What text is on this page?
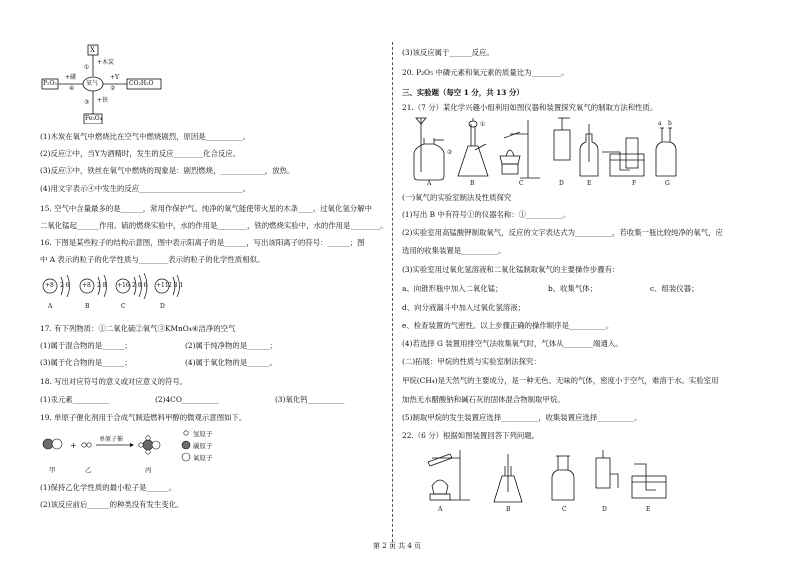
X
+木炭
①
P₂O₅
+磷
④
氧气
+Y
②
CO₂H₂O
③ +铁
Fe₃O₄
(1)木炭在氧气中燃烧比在空气中燃烧剧烈，原因是__________。
(2)反应②中，当Y为酒精时，发生的反应________化合反应。
(3)反应③中，铁丝在氧气中燃烧的现象是：剧烈燃烧，____________，放热。
(4)用文字表示④中发生的反应____________________________。
15. 空气中含量最多的是______，常用作保护气。纯净的氧气能使带火星的木条____。过氧化氢分解中
二氧化锰起______作用。硫的燃烧实验中，水的作用是________，铁的燃烧实验中，水的作用是________。
16. 下图是某些粒子的结构示意图，图中表示阳离子的是______，写出该阳离子的符号：______；图
中 A 表示的粒子的化学性质与________表示的粒子的化学性质相似。
+8 2 6 +8 2 8 +16 2 8 6 +11 2 8 1
A	B	C	D
17. 有下列物质：①二氧化硫②氧气③KMnO₄④洁净的空气
(1)属于混合物的是______；	(2)属于纯净物的是______；
(3)属于化合物的是______；	(4)属于氧化物的是______。
18. 写出对应符号的意义或对应意义的符号。
(1)汞元素__________	(2)4CO__________	(3)氧化钙__________
19. 单原子催化剂用于合成气制造燃料甲醇的微观示意图如下。
+
单原子催
氢原子
碳原子
氧原子
甲	乙	丙
(1)保持乙化学性质的最小粒子是______。
(2)该反应前后______的种类没有发生变化。
(3)该反应属于______反应。
20. P₂O₅ 中磷元素和氧元素的质量比为________。
三、实验题（每空 1 分，共 13 分）
21.（7 分）某化学兴趣小组利用如图仪器和装置探究氧气的制取方法和性质。
①
②
a b
A	B	C	D	E	F	G
(一)氧气的实验室制法及性质探究
(1)写出 B 中有符号①的仪器名称：①__________。
(2)实验室用高锰酸钾制取氧气，反应的文字表达式为__________，若收集一瓶比较纯净的氧气，应
选用的收集装置是__________。
(3)实验室用过氧化氢溶液和二氧化锰制取氧气的主要操作步骤有：
a、向锥形瓶中加入二氧化锰；	b、收集气体；	c、组装仪器；
d、向分液漏斗中加入过氧化氢溶液；
e、检查装置的气密性。以上步骤正确的操作顺序是__________。
(4)若选择 G 装置用排空气法收集氧气时，气体从________端通入。
(二)拓展：甲烷的性质与实验室制法探究：
甲烷(CH₄)是天然气的主要成分，是一种无色、无味的气体，密度小于空气，难溶于水。实验室用
加热无水醋酸钠和碱石灰的固体混合物制取甲烷。
(5)制取甲烷的发生装置应选择__________，收集装置应选择__________。
22.（6 分）根据如图装置回答下列问题。
A	B	C	D	E
第 2 页 共 4 页
